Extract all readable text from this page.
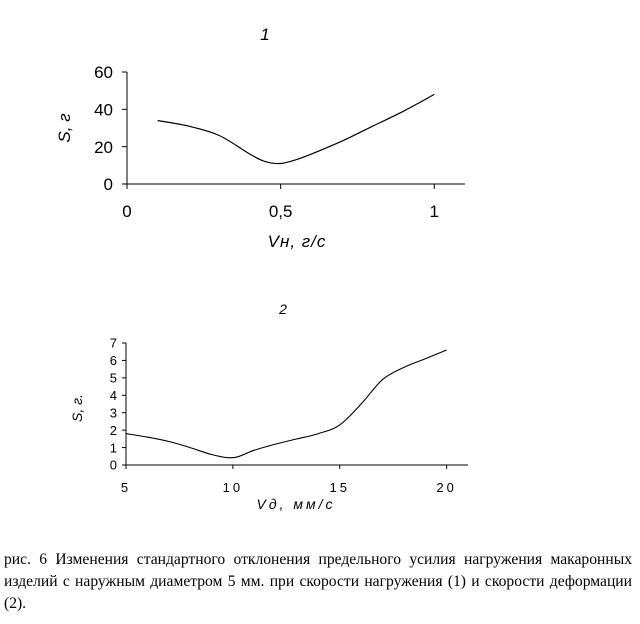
1
0
20
40
60
0	0,5	1
S, г
Vн, г/с
2
0
1
2
3
4
5
6
7
5	10	15	20
S, г.
Vд, мм/с
рис. 6 Изменения стандартного отклонения предельного усилия нагружения макаронных изделий с наружным диаметром 5 мм. при скорости нагружения (1) и скорости деформации (2).
